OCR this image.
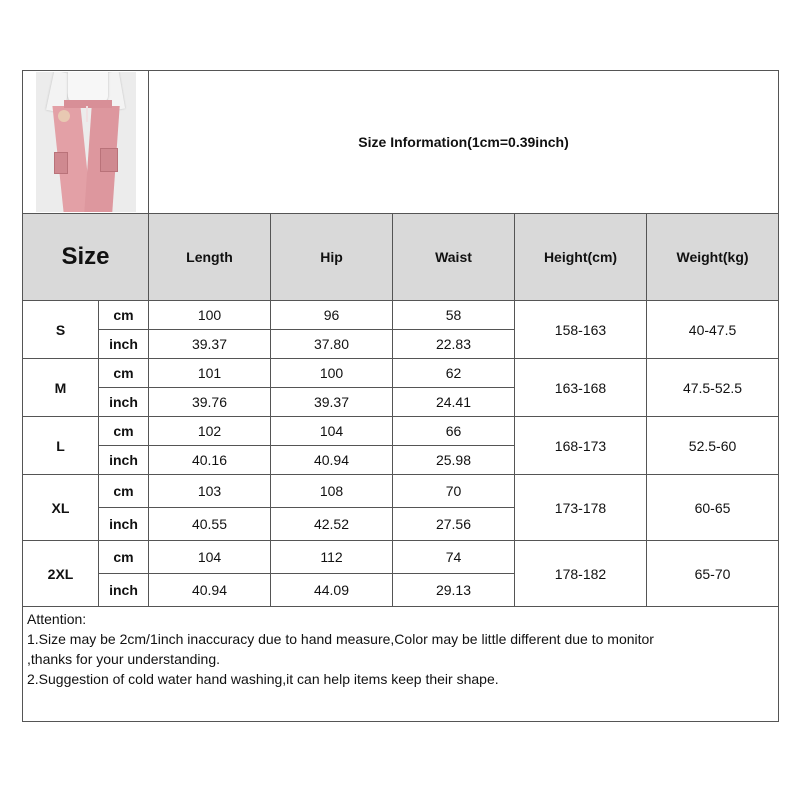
		Size Information(1cm=0.39inch)				
Size		Length	Hip	Waist	Height(cm)	Weight(kg)
S	cm	100	96	58	158-163	40-47.5
	inch	39.37	37.80	22.83		
M	cm	101	100	62	163-168	47.5-52.5
	inch	39.76	39.37	24.41		
L	cm	102	104	66	168-173	52.5-60
	inch	40.16	40.94	25.98		
XL	cm	103	108	70	173-178	60-65
	inch	40.55	42.52	27.56		
2XL	cm	104	112	74	178-182	65-70
	inch	40.94	44.09	29.13		

Attention:
1.Size may be 2cm/1inch inaccuracy due to hand measure,Color may be little different due to monitor
,thanks for your understanding.
2.Suggestion of cold water hand washing,it can help items keep their shape.						
